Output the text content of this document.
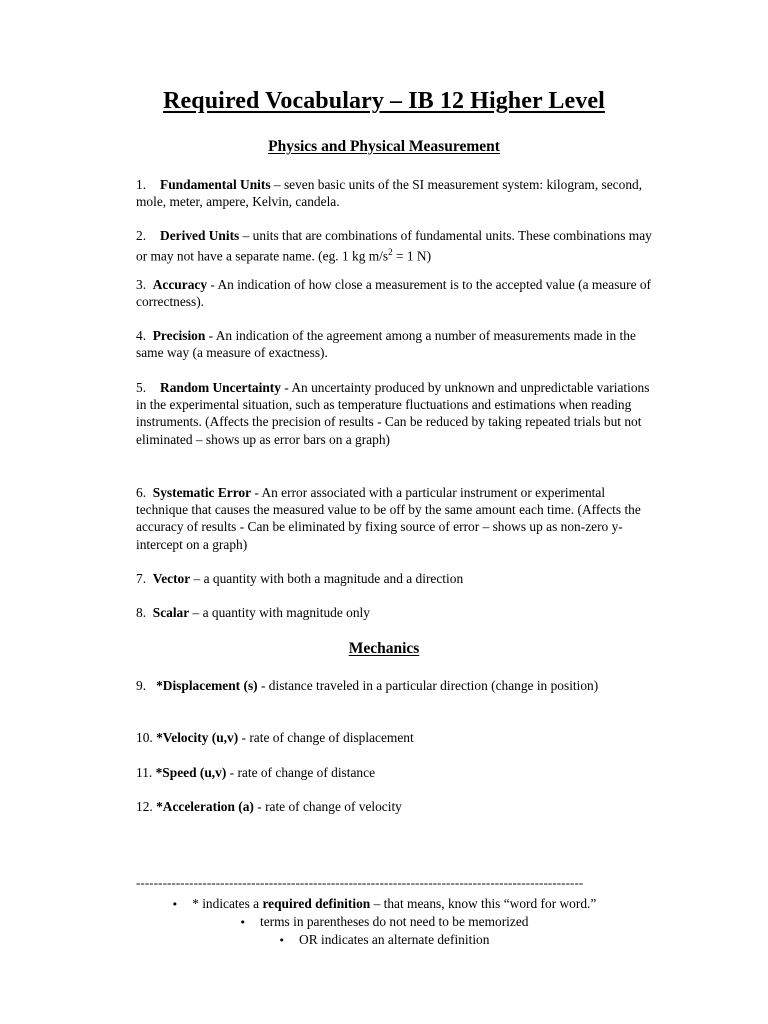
Required Vocabulary – IB 12 Higher Level
Physics and Physical Measurement
1. Fundamental Units – seven basic units of the SI measurement system: kilogram, second, mole, meter, ampere, Kelvin, candela.
2. Derived Units – units that are combinations of fundamental units. These combinations may or may not have a separate name. (eg. 1 kg $m/s^2 = 1$ N)
3. Accuracy - An indication of how close a measurement is to the accepted value (a measure of correctness).
4. Precision - An indication of the agreement among a number of measurements made in the same way (a measure of exactness).
5. Random Uncertainty - An uncertainty produced by unknown and unpredictable variations in the experimental situation, such as temperature fluctuations and estimations when reading instruments. (Affects the precision of results - Can be reduced by taking repeated trials but not eliminated – shows up as error bars on a graph)
6. Systematic Error - An error associated with a particular instrument or experimental technique that causes the measured value to be off by the same amount each time. (Affects the accuracy of results - Can be eliminated by fixing source of error – shows up as non-zero y-intercept on a graph)
7. Vector – a quantity with both a magnitude and a direction
8. Scalar – a quantity with magnitude only
Mechanics
9. *Displacement (s) - distance traveled in a particular direction (change in position)
10. *Velocity (u,v) - rate of change of displacement
11. *Speed (u,v) - rate of change of distance
12. *Acceleration (a) - rate of change of velocity
-----------------------------------------------------------------------------------------------------
• * indicates a required definition – that means, know this “word for word.”
• terms in parentheses do not need to be memorized
• OR indicates an alternate definition
